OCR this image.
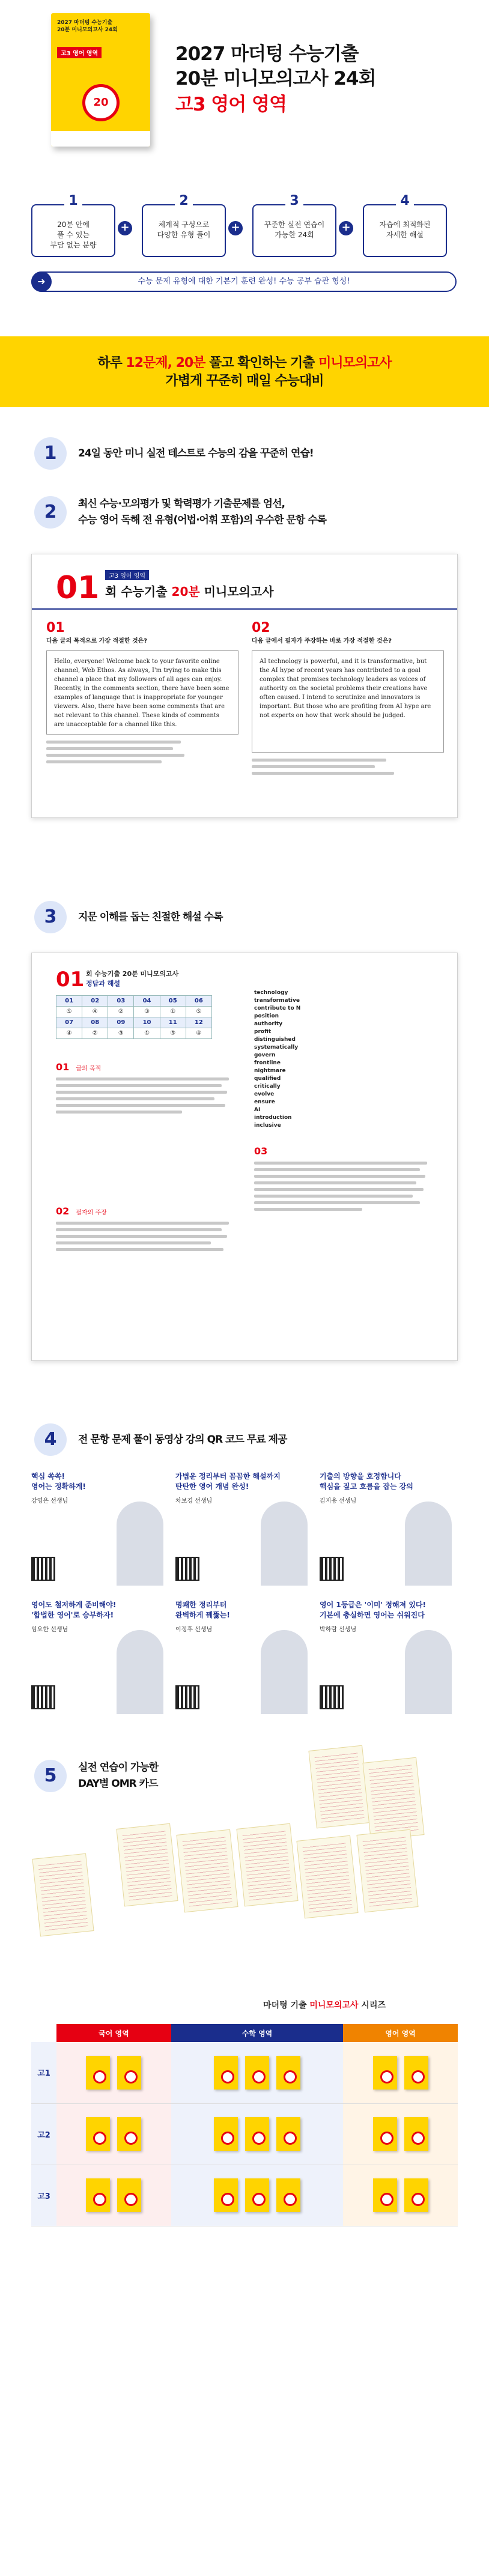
2027 마더텅 수능기출
20분 미니모의고사 24회
고3 영어 영역
20
2027 마더텅 수능기출
20분 미니모의고사 24회
고3 영어 영역
20분 안에
풀 수 있는
부담 없는 분량
1
+	체계적 구성으로
다양한 유형 풀이
2
+	꾸준한 실전 연습이
가능한 24회
3
+	자습에 최적화된
자세한 해설
4
➜	수능 문제 유형에 대한 기본기 훈련 완성! 수능 공부 습관 형성!
하루 12문제, 20분 풀고 확인하는 기출 미니모의고사
가볍게 꾸준히 매일 수능대비
1	24일 동안 미니 실전 테스트로 수능의 감을 꾸준히 연습!
2	최신 수능·모의평가 및 학력평가 기출문제를 엄선,
수능 영어 독해 전 유형(어법·어휘 포함)의 우수한 문항 수록
01	고3 영어 영역
회 수능기출 20분 미니모의고사
01
다음 글의 목적으로 가장 적절한 것은?
Hello, everyone! Welcome back to your favorite online channel, Web Ethos. As always, I'm trying to make this channel a place that my followers of all ages can enjoy. Recently, in the comments section, there have been some examples of language that is inappropriate for younger viewers. Also, there have been some comments that are not relevant to this channel. These kinds of comments are unacceptable for a channel like this.
02
다음 글에서 필자가 주장하는 바로 가장 적절한 것은?
AI technology is powerful, and it is transformative, but the AI hype of recent years has contributed to a goal complex that promises technology leaders as voices of authority on the societal problems their creations have often caused. I intend to scrutinize and innovators is important. But those who are profiting from AI hype are not experts on how that work should be judged.
3	지문 이해를 돕는 친절한 해설 수록
01 회 수능기출 20분 미니모의고사
정답과 해설
01	02	03	04	05	06
⑤	④	②	③	①	⑤
07	08	09	10	11	12
④	②	③	①	⑤	④
01 글의 목적
02 필자의 주장
technology
transformative
contribute to N
position
authority
profit
distinguished
systematically
govern
frontline
nightmare
qualified
critically
evolve
ensure
AI
introduction
inclusive
03
4	전 문항 문제 풀이 동영상 강의 QR 코드 무료 제공
핵심 쏙쏙!
영어는 정확하게!
강영은 선생님
가볍운 정리부터 꼼꼼한 해설까지
탄탄한 영어 개념 완성!
차보경 선생님
기출의 방향을 호정합니다
핵심을 짚고 흐름을 잡는 강의
김지용 선생님
영어도 철저하게 준비해야!
'합법한 영어'로 승부하자!
임요한 선생님
명쾌한 정리부터
완벽하게 꿰뚫는!
이정후 선생님
영어 1등급은 '이미' 정해져 있다!
기본에 충실하면 영어는 쉬워진다
박하람 선생님
5	실전 연습이 가능한
DAY별 OMR 카드
마더텅 기출 미니모의고사 시리즈
	국어 영역	수학 영역	영어 영역
고1			
고2			
고3			
